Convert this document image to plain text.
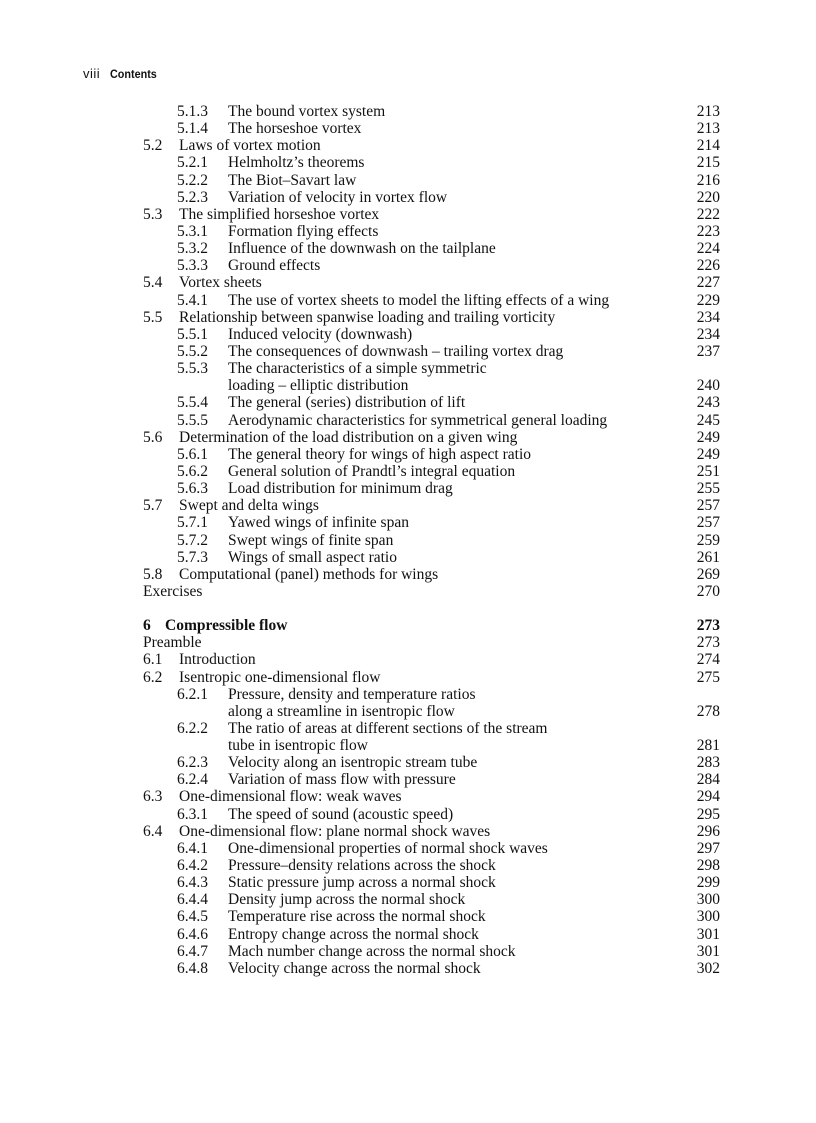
viii Contents
5.1.3 The bound vortex system	213
5.1.4 The horseshoe vortex	213
5.2 Laws of vortex motion	214
5.2.1 Helmholtz’s theorems	215
5.2.2 The Biot–Savart law	216
5.2.3 Variation of velocity in vortex flow	220
5.3 The simplified horseshoe vortex	222
5.3.1 Formation flying effects	223
5.3.2 Influence of the downwash on the tailplane	224
5.3.3 Ground effects	226
5.4 Vortex sheets	227
5.4.1 The use of vortex sheets to model the lifting effects of a wing	229
5.5 Relationship between spanwise loading and trailing vorticity	234
5.5.1 Induced velocity (downwash)	234
5.5.2 The consequences of downwash – trailing vortex drag	237
5.5.3 The characteristics of a simple symmetric
loading – elliptic distribution	240
5.5.4 The general (series) distribution of lift	243
5.5.5 Aerodynamic characteristics for symmetrical general loading	245
5.6 Determination of the load distribution on a given wing	249
5.6.1 The general theory for wings of high aspect ratio	249
5.6.2 General solution of Prandtl’s integral equation	251
5.6.3 Load distribution for minimum drag	255
5.7 Swept and delta wings	257
5.7.1 Yawed wings of infinite span	257
5.7.2 Swept wings of finite span	259
5.7.3 Wings of small aspect ratio	261
5.8 Computational (panel) methods for wings	269
Exercises	270
6 Compressible flow	273
Preamble	273
6.1 Introduction	274
6.2 Isentropic one-dimensional flow	275
6.2.1 Pressure, density and temperature ratios
along a streamline in isentropic flow	278
6.2.2 The ratio of areas at different sections of the stream
tube in isentropic flow	281
6.2.3 Velocity along an isentropic stream tube	283
6.2.4 Variation of mass flow with pressure	284
6.3 One-dimensional flow: weak waves	294
6.3.1 The speed of sound (acoustic speed)	295
6.4 One-dimensional flow: plane normal shock waves	296
6.4.1 One-dimensional properties of normal shock waves	297
6.4.2 Pressure–density relations across the shock	298
6.4.3 Static pressure jump across a normal shock	299
6.4.4 Density jump across the normal shock	300
6.4.5 Temperature rise across the normal shock	300
6.4.6 Entropy change across the normal shock	301
6.4.7 Mach number change across the normal shock	301
6.4.8 Velocity change across the normal shock	302
